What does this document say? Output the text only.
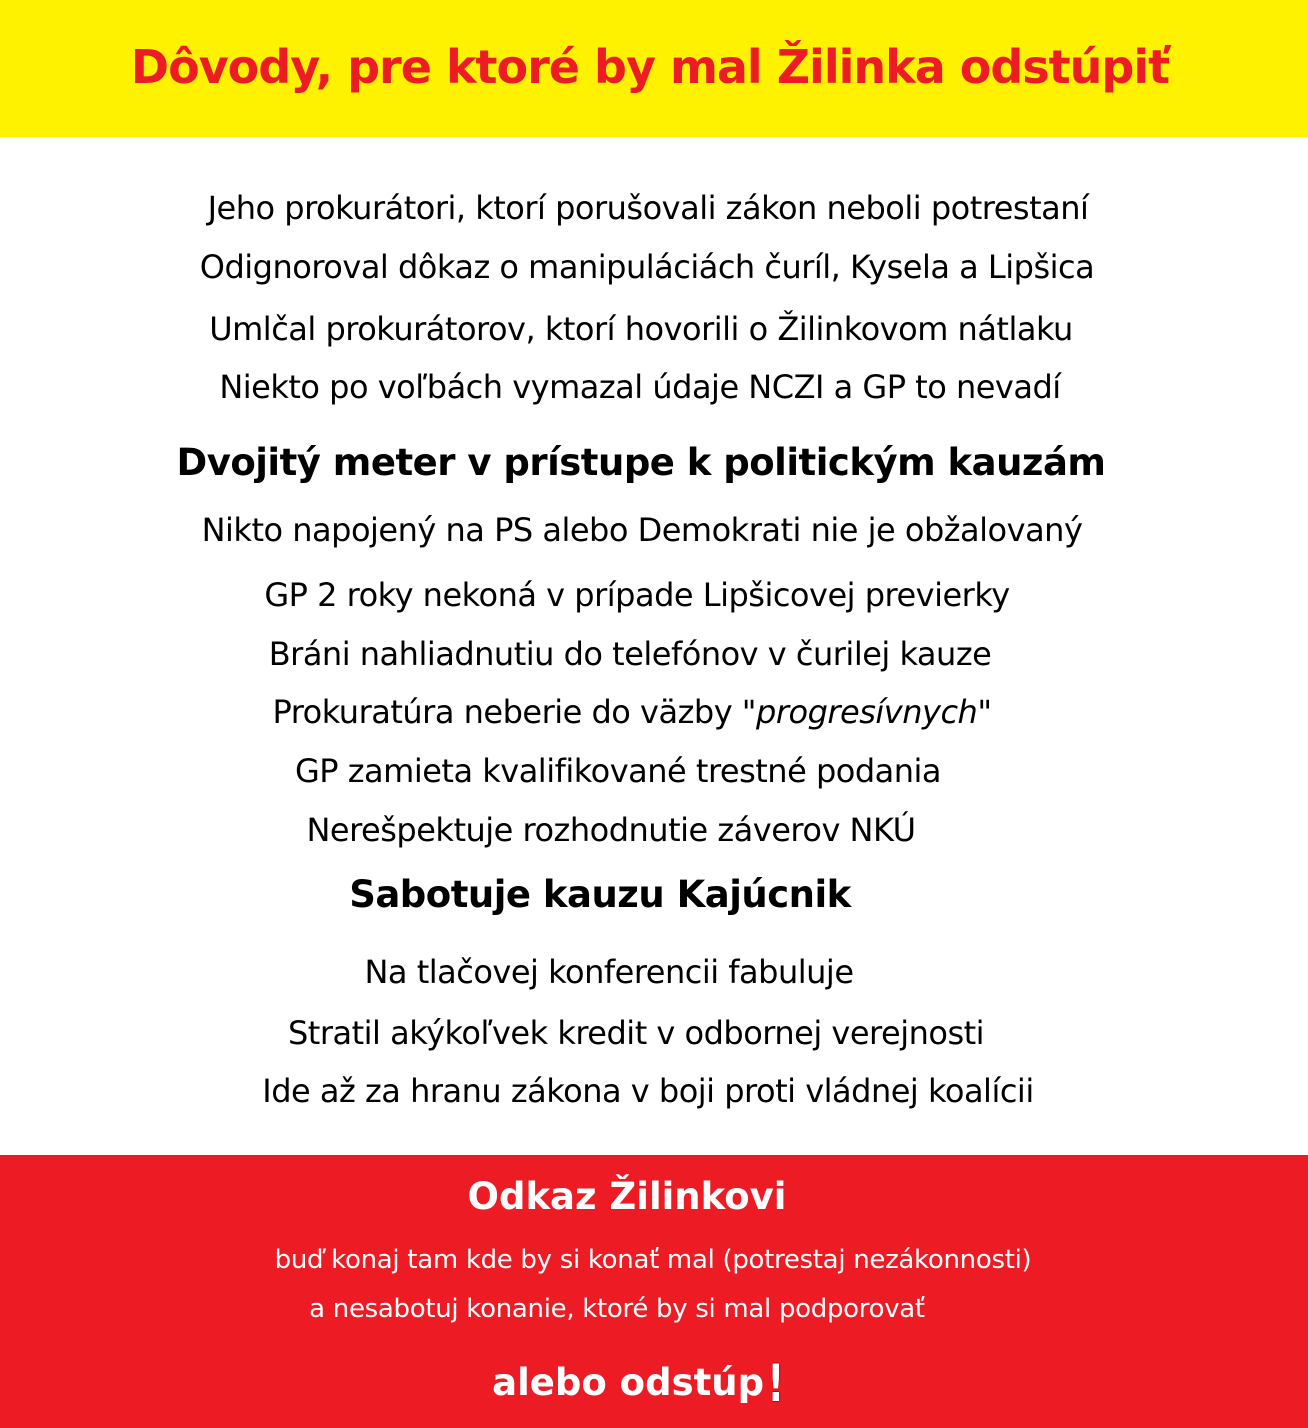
Dôvody, pre ktoré by mal Žilinka odstúpiť

Jeho prokurátori, ktorí porušovali zákon neboli potrestaní

Odignoroval dôkaz o manipuláciách čuríl, Kysela a Lipšica

Umlčal prokurátorov, ktorí hovorili o Žilinkovom nátlaku

Niekto po voľbách vymazal údaje NCZI a GP to nevadí

Dvojitý meter v prístupe k politickým kauzám

Nikto napojený na PS alebo Demokrati nie je obžalovaný

GP 2 roky nekoná v prípade Lipšicovej previerky

Bráni nahliadnutiu do telefónov v čurilej kauze

Prokuratúra neberie do väzby "progresívnych"

GP zamieta kvalifikované trestné podania

Nerešpektuje rozhodnutie záverov NKÚ

Sabotuje kauzu Kajúcnik

Na tlačovej konferencii fabuluje

Stratil akýkoľvek kredit v odbornej verejnosti

Ide až za hranu zákona v boji proti vládnej koalícii

Odkaz Žilinkovi

buď konaj tam kde by si konať mal (potrestaj nezákonnosti)

a nesabotuj konanie, ktoré by si mal podporovať

alebo odstúp!
